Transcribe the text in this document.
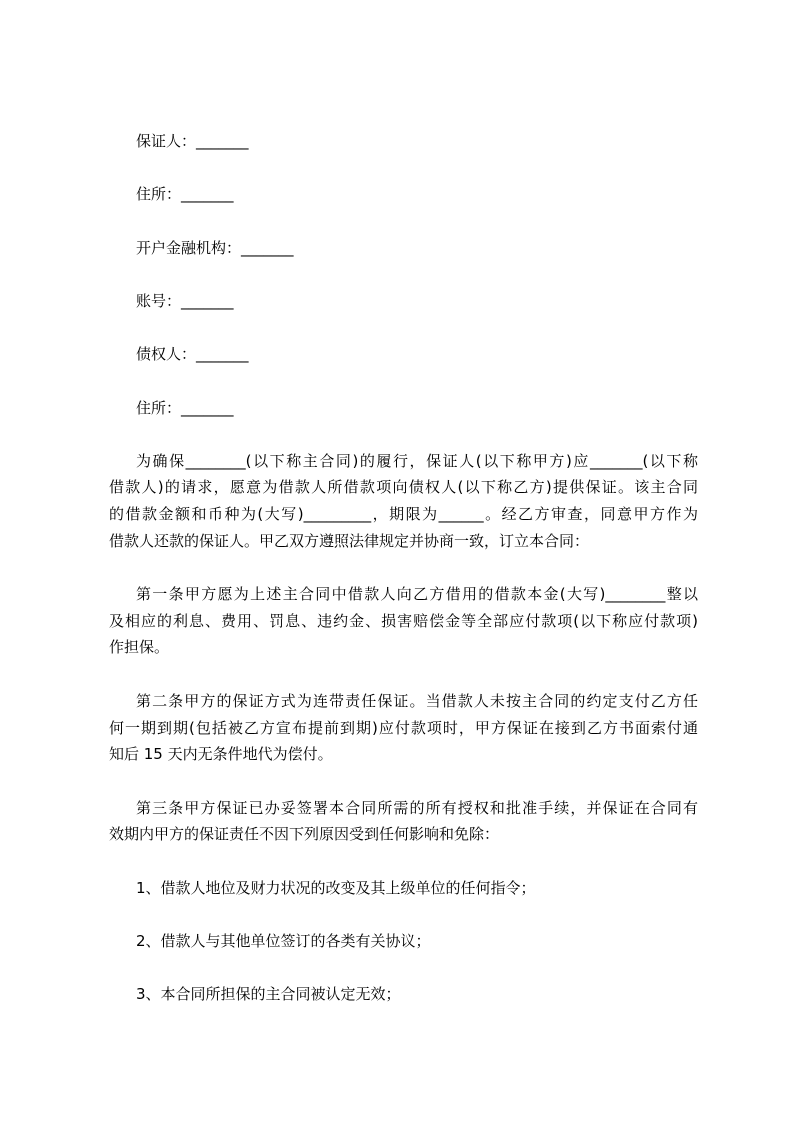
保证人：_______
住所：_______
开户金融机构：_______
账号：_______
债权人：_______
住所：_______
为确保________(以下称主合同)的履行，保证人(以下称甲方)应_______(以下称
借款人)的请求，愿意为借款人所借款项向债权人(以下称乙方)提供保证。该主合同
的借款金额和币种为(大写)_________，期限为______。经乙方审查，同意甲方作为
借款人还款的保证人。甲乙双方遵照法律规定并协商一致，订立本合同：
第一条甲方愿为上述主合同中借款人向乙方借用的借款本金(大写)________整以
及相应的利息、费用、罚息、违约金、损害赔偿金等全部应付款项(以下称应付款项)
作担保。
第二条甲方的保证方式为连带责任保证。当借款人未按主合同的约定支付乙方任
何一期到期(包括被乙方宣布提前到期)应付款项时，甲方保证在接到乙方书面索付通
知后 15 天内无条件地代为偿付。
第三条甲方保证已办妥签署本合同所需的所有授权和批准手续，并保证在合同有
效期内甲方的保证责任不因下列原因受到任何影响和免除：
1、借款人地位及财力状况的改变及其上级单位的任何指令；
2、借款人与其他单位签订的各类有关协议；
3、本合同所担保的主合同被认定无效；
